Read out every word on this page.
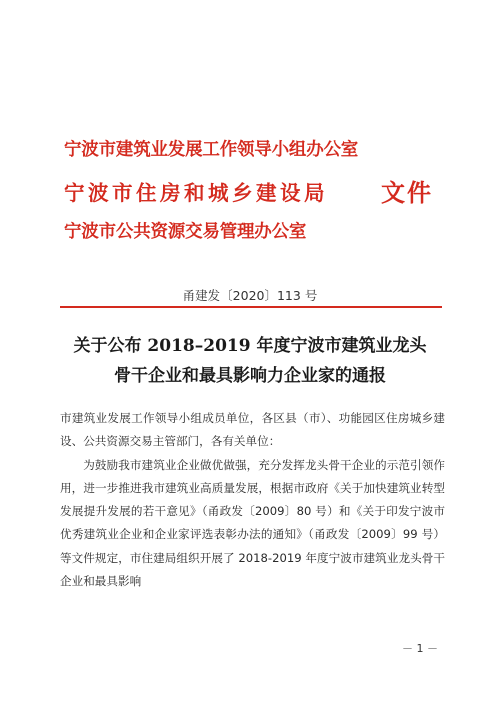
宁波市建筑业发展工作领导小组办公室
宁波市住房和城乡建设局
宁波市公共资源交易管理办公室
文件
甬建发〔2020〕113 号
关于公布 2018–2019 年度宁波市建筑业龙头
骨干企业和最具影响力企业家的通报

市建筑业发展工作领导小组成员单位，各区县（市）、功能园区住房城乡建设、公共资源交易主管部门，各有关单位：

为鼓励我市建筑业企业做优做强，充分发挥龙头骨干企业的示范引领作用，进一步推进我市建筑业高质量发展，根据市政府《关于加快建筑业转型发展提升发展的若干意见》（甬政发〔2009〕80 号）和《关于印发宁波市优秀建筑业企业和企业家评选表彰办法的通知》（甬政发〔2009〕99 号）等文件规定，市住建局组织开展了 2018-2019 年度宁波市建筑业龙头骨干企业和最具影响

－ 1 －
